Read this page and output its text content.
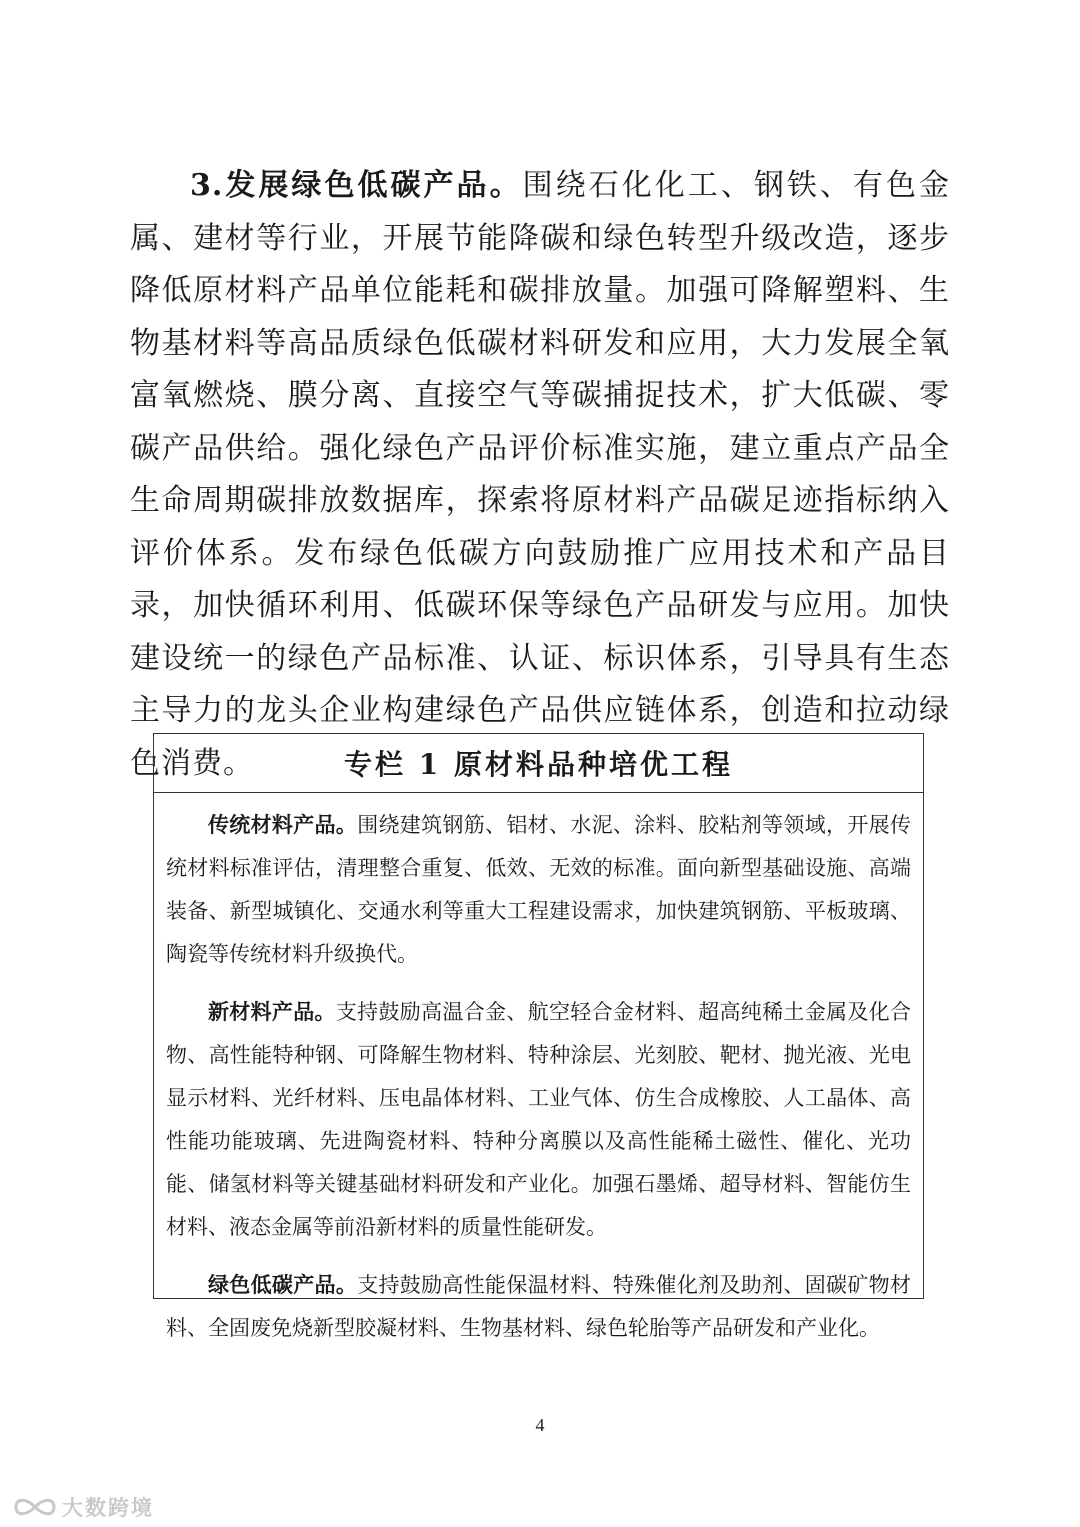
3.发展绿色低碳产品。围绕石化化工、钢铁、有色金属、建材等行业，开展节能降碳和绿色转型升级改造，逐步降低原材料产品单位能耗和碳排放量。加强可降解塑料、生物基材料等高品质绿色低碳材料研发和应用，大力发展全氧富氧燃烧、膜分离、直接空气等碳捕捉技术，扩大低碳、零碳产品供给。强化绿色产品评价标准实施，建立重点产品全生命周期碳排放数据库，探索将原材料产品碳足迹指标纳入评价体系。发布绿色低碳方向鼓励推广应用技术和产品目录，加快循环利用、低碳环保等绿色产品研发与应用。加快建设统一的绿色产品标准、认证、标识体系，引导具有生态主导力的龙头企业构建绿色产品供应链体系，创造和拉动绿色消费。	专栏 1 原材料品种培优工程

传统材料产品。围绕建筑钢筋、铝材、水泥、涂料、胶粘剂等领域，开展传统材料标准评估，清理整合重复、低效、无效的标准。面向新型基础设施、高端装备、新型城镇化、交通水利等重大工程建设需求，加快建筑钢筋、平板玻璃、陶瓷等传统材料升级换代。

新材料产品。支持鼓励高温合金、航空轻合金材料、超高纯稀土金属及化合物、高性能特种钢、可降解生物材料、特种涂层、光刻胶、靶材、抛光液、光电显示材料、光纤材料、压电晶体材料、工业气体、仿生合成橡胶、人工晶体、高性能功能玻璃、先进陶瓷材料、特种分离膜以及高性能稀土磁性、催化、光功能、储氢材料等关键基础材料研发和产业化。加强石墨烯、超导材料、智能仿生材料、液态金属等前沿新材料的质量性能研发。

绿色低碳产品。支持鼓励高性能保温材料、特殊催化剂及助剂、固碳矿物材料、全固废免烧新型胶凝材料、生物基材料、绿色轮胎等产品研发和产业化。

4
大数跨境
